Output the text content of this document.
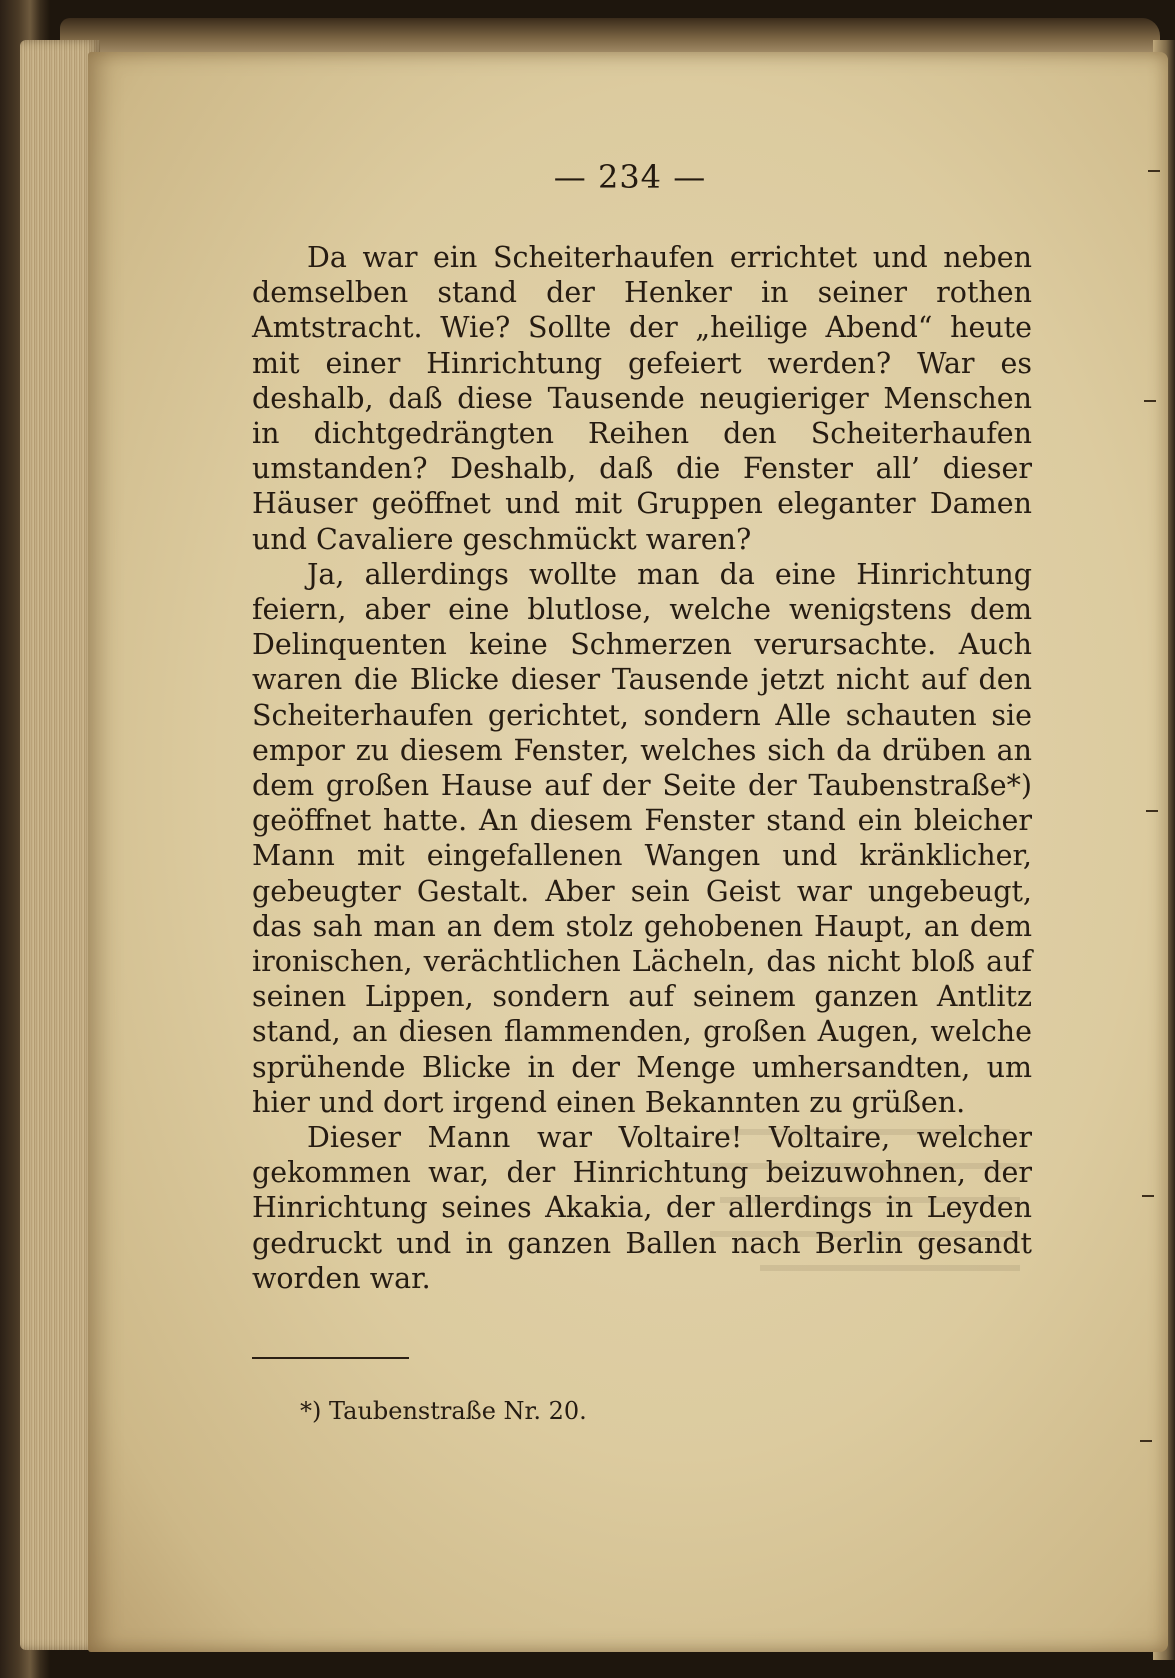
— 234 —

Da war ein Scheiterhaufen errichtet und neben demselben stand der Henker in seiner rothen Amtstracht. Wie? Sollte der „heilige Abend“ heute mit einer Hinrichtung gefeiert werden? War es deshalb, daß diese Tausende neugieriger Menschen in dichtgedrängten Reihen den Scheiterhaufen umstanden? Deshalb, daß die Fenster all’ dieser Häuser geöffnet und mit Gruppen eleganter Damen und Cavaliere geschmückt waren?

Ja, allerdings wollte man da eine Hinrichtung feiern, aber eine blutlose, welche wenigstens dem Delinquenten keine Schmerzen verursachte. Auch waren die Blicke dieser Tausende jetzt nicht auf den Scheiterhaufen gerichtet, sondern Alle schauten sie empor zu diesem Fenster, welches sich da drüben an dem großen Hause auf der Seite der Taubenstraße*) geöffnet hatte. An diesem Fenster stand ein bleicher Mann mit eingefallenen Wangen und kränklicher, gebeugter Gestalt. Aber sein Geist war ungebeugt, das sah man an dem stolz gehobenen Haupt, an dem ironischen, verächtlichen Lächeln, das nicht bloß auf seinen Lippen, sondern auf seinem ganzen Antlitz stand, an diesen flammenden, großen Augen, welche sprühende Blicke in der Menge umhersandten, um hier und dort irgend einen Bekannten zu grüßen.

Dieser Mann war Voltaire! Voltaire, welcher gekommen war, der Hinrichtung beizuwohnen, der Hinrichtung seines Akakia, der allerdings in Leyden gedruckt und in ganzen Ballen nach Berlin gesandt worden war.

*) Taubenstraße Nr. 20.
